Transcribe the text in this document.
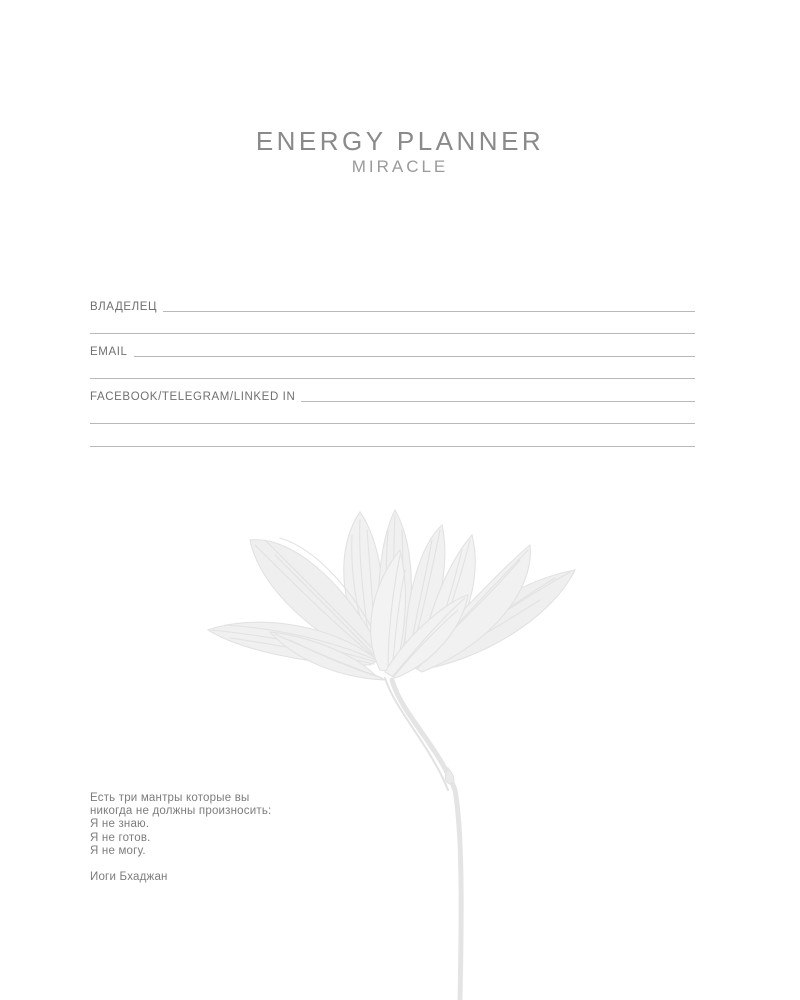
ENERGY PLANNER
MIRACLE
ВЛАДЕЛЕЦ
EMAIL
FACEBOOK/TELEGRAM/LINKED IN
Есть три мантры которые вы
никогда не должны произносить:
Я не знаю.
Я не готов.
Я не могу.
Иоги Бхаджан
